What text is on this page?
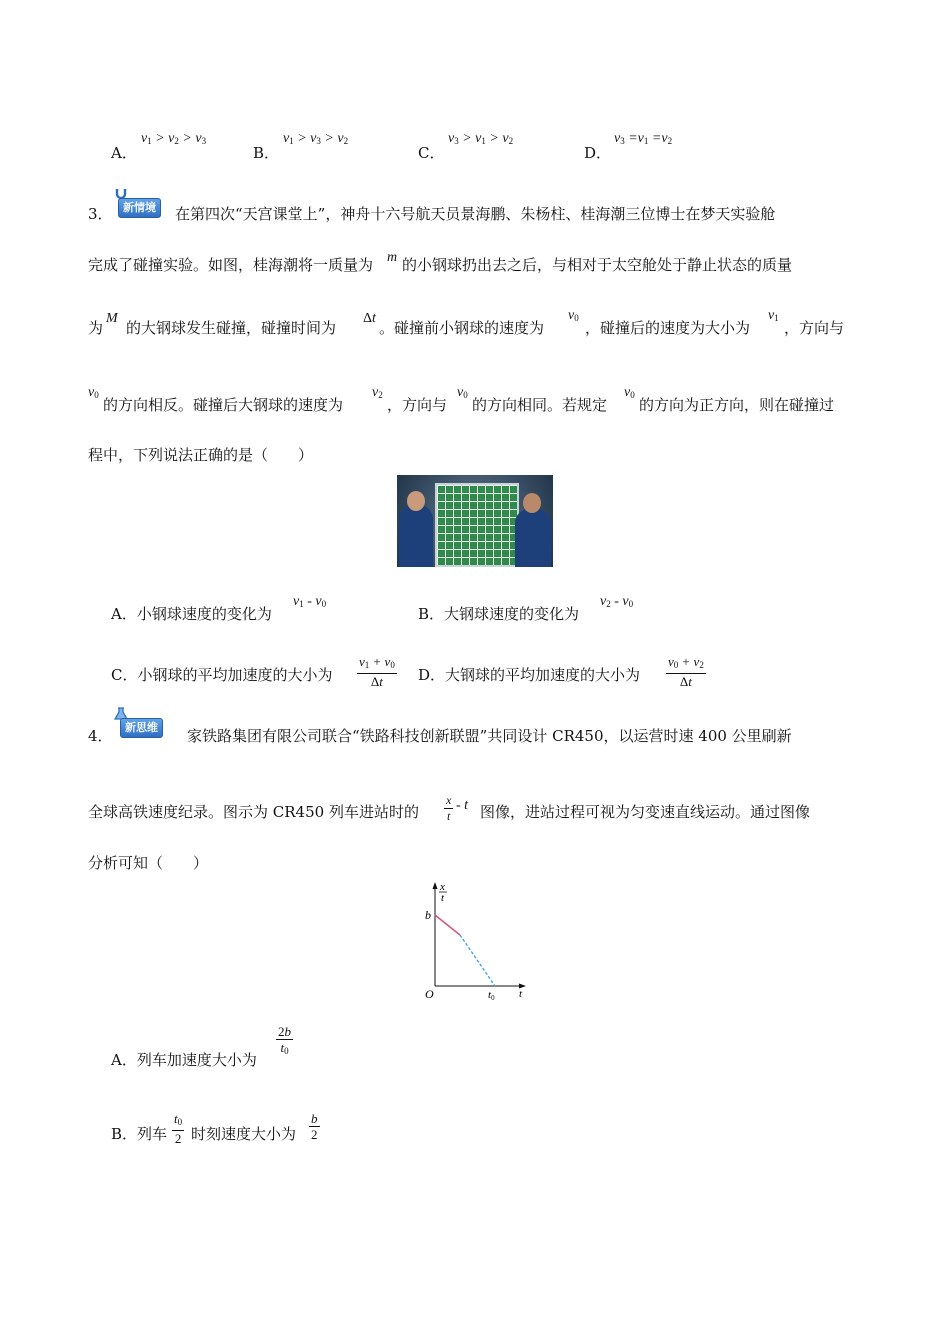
A．
$v_1 > v_2 > v_3$
B．
$v_1 > v_3 > v_2$
C．
$v_3 > v_1 > v_2$
D．
$v_3 =v_1 =v_2$
3． 新情境	在第四次“天宫课堂上”，神舟十六号航天员景海鹏、朱杨柱、桂海潮三位博士在梦天实验舱
完成了碰撞实验。如图，桂海潮将一质量为 m 的小钢球扔出去之后，与相对于太空舱处于静止状态的质量
为
M
的大钢球发生碰撞，碰撞时间为
Δt
。碰撞前小钢球的速度为
$v_0$
，碰撞后的速度为大小为
$v_1$
，方向与
$v_0$
的方向相反。碰撞后大钢球的速度为
$v_2$
，方向与
$v_0$
的方向相同。若规定
$v_0$
的方向为正方向，则在碰撞过
程中，下列说法正确的是（　　）
A．小钢球速度的变化为
$v_1 - v_0$
B．大钢球速度的变化为
$v_2 - v_0$
C．小钢球的平均加速度的大小为 $\frac{v_1 + v_0}{\Delta t}$ D．大钢球的平均加速度的大小为 $\frac{v_0 + v_2}{\Delta t}$
4．	新思维	家铁路集团有限公司联合“铁路科技创新联盟”共同设计 CR450，以运营时速 400 公里刷新
全球高铁速度纪录。图示为 CR450 列车进站时的 $\frac{x}{t}$ - t 图像，进站过程可视为匀变速直线运动。通过图像
分析可知（　　）
x
t
b
O	t0 t
A．列车加速度大小为
$\frac{2b}{t_0}$
B．列车 $\frac{t_0}{2}$ 时刻速度大小为 $\frac{b}{2}$
